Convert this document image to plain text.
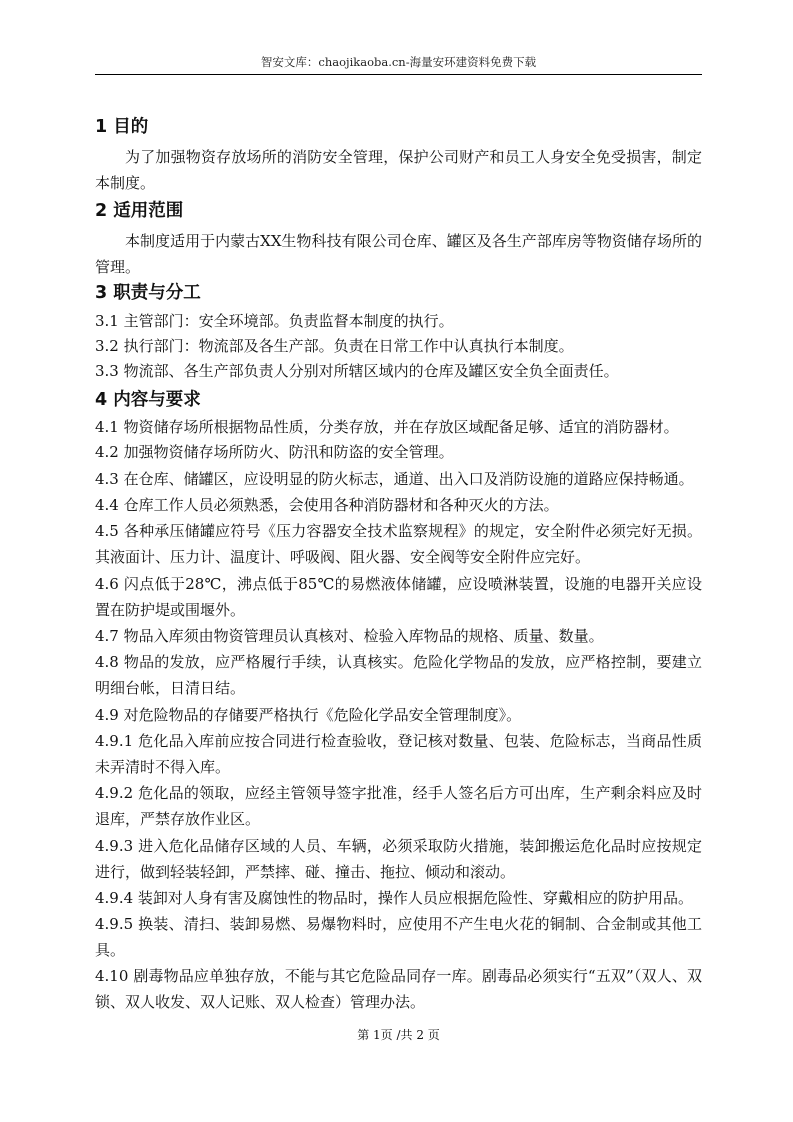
智安文库：chaojikaoba.cn-海量安环建资料免费下载
1 目的
为了加强物资存放场所的消防安全管理，保护公司财产和员工人身安全免受损害，制定本制度。
2 适用范围
本制度适用于内蒙古XX生物科技有限公司仓库、罐区及各生产部库房等物资储存场所的管理。
3 职责与分工
3.1 主管部门：安全环境部。负责监督本制度的执行。
3.2 执行部门：物流部及各生产部。负责在日常工作中认真执行本制度。
3.3 物流部、各生产部负责人分别对所辖区域内的仓库及罐区安全负全面责任。
4 内容与要求
4.1 物资储存场所根据物品性质，分类存放，并在存放区域配备足够、适宜的消防器材。
4.2 加强物资储存场所防火、防汛和防盗的安全管理。
4.3 在仓库、储罐区，应设明显的防火标志，通道、出入口及消防设施的道路应保持畅通。
4.4 仓库工作人员必须熟悉，会使用各种消防器材和各种灭火的方法。
4.5 各种承压储罐应符号《压力容器安全技术监察规程》的规定，安全附件必须完好无损。其液面计、压力计、温度计、呼吸阀、阻火器、安全阀等安全附件应完好。
4.6 闪点低于28℃，沸点低于85℃的易燃液体储罐，应设喷淋装置，设施的电器开关应设置在防护堤或围堰外。
4.7 物品入库须由物资管理员认真核对、检验入库物品的规格、质量、数量。
4.8 物品的发放，应严格履行手续，认真核实。危险化学物品的发放，应严格控制，要建立明细台帐，日清日结。
4.9 对危险物品的存储要严格执行《危险化学品安全管理制度》。
4.9.1 危化品入库前应按合同进行检查验收，登记核对数量、包装、危险标志，当商品性质未弄清时不得入库。
4.9.2 危化品的领取，应经主管领导签字批准，经手人签名后方可出库，生产剩余料应及时退库，严禁存放作业区。
4.9.3 进入危化品储存区域的人员、车辆，必须采取防火措施，装卸搬运危化品时应按规定进行，做到轻装轻卸，严禁摔、碰、撞击、拖拉、倾动和滚动。
4.9.4 装卸对人身有害及腐蚀性的物品时，操作人员应根据危险性、穿戴相应的防护用品。
4.9.5 换装、清扫、装卸易燃、易爆物料时，应使用不产生电火花的铜制、合金制或其他工具。
4.10 剧毒物品应单独存放，不能与其它危险品同存一库。剧毒品必须实行“五双”（双人、双锁、双人收发、双人记账、双人检查）管理办法。
第 1页 /共 2 页
